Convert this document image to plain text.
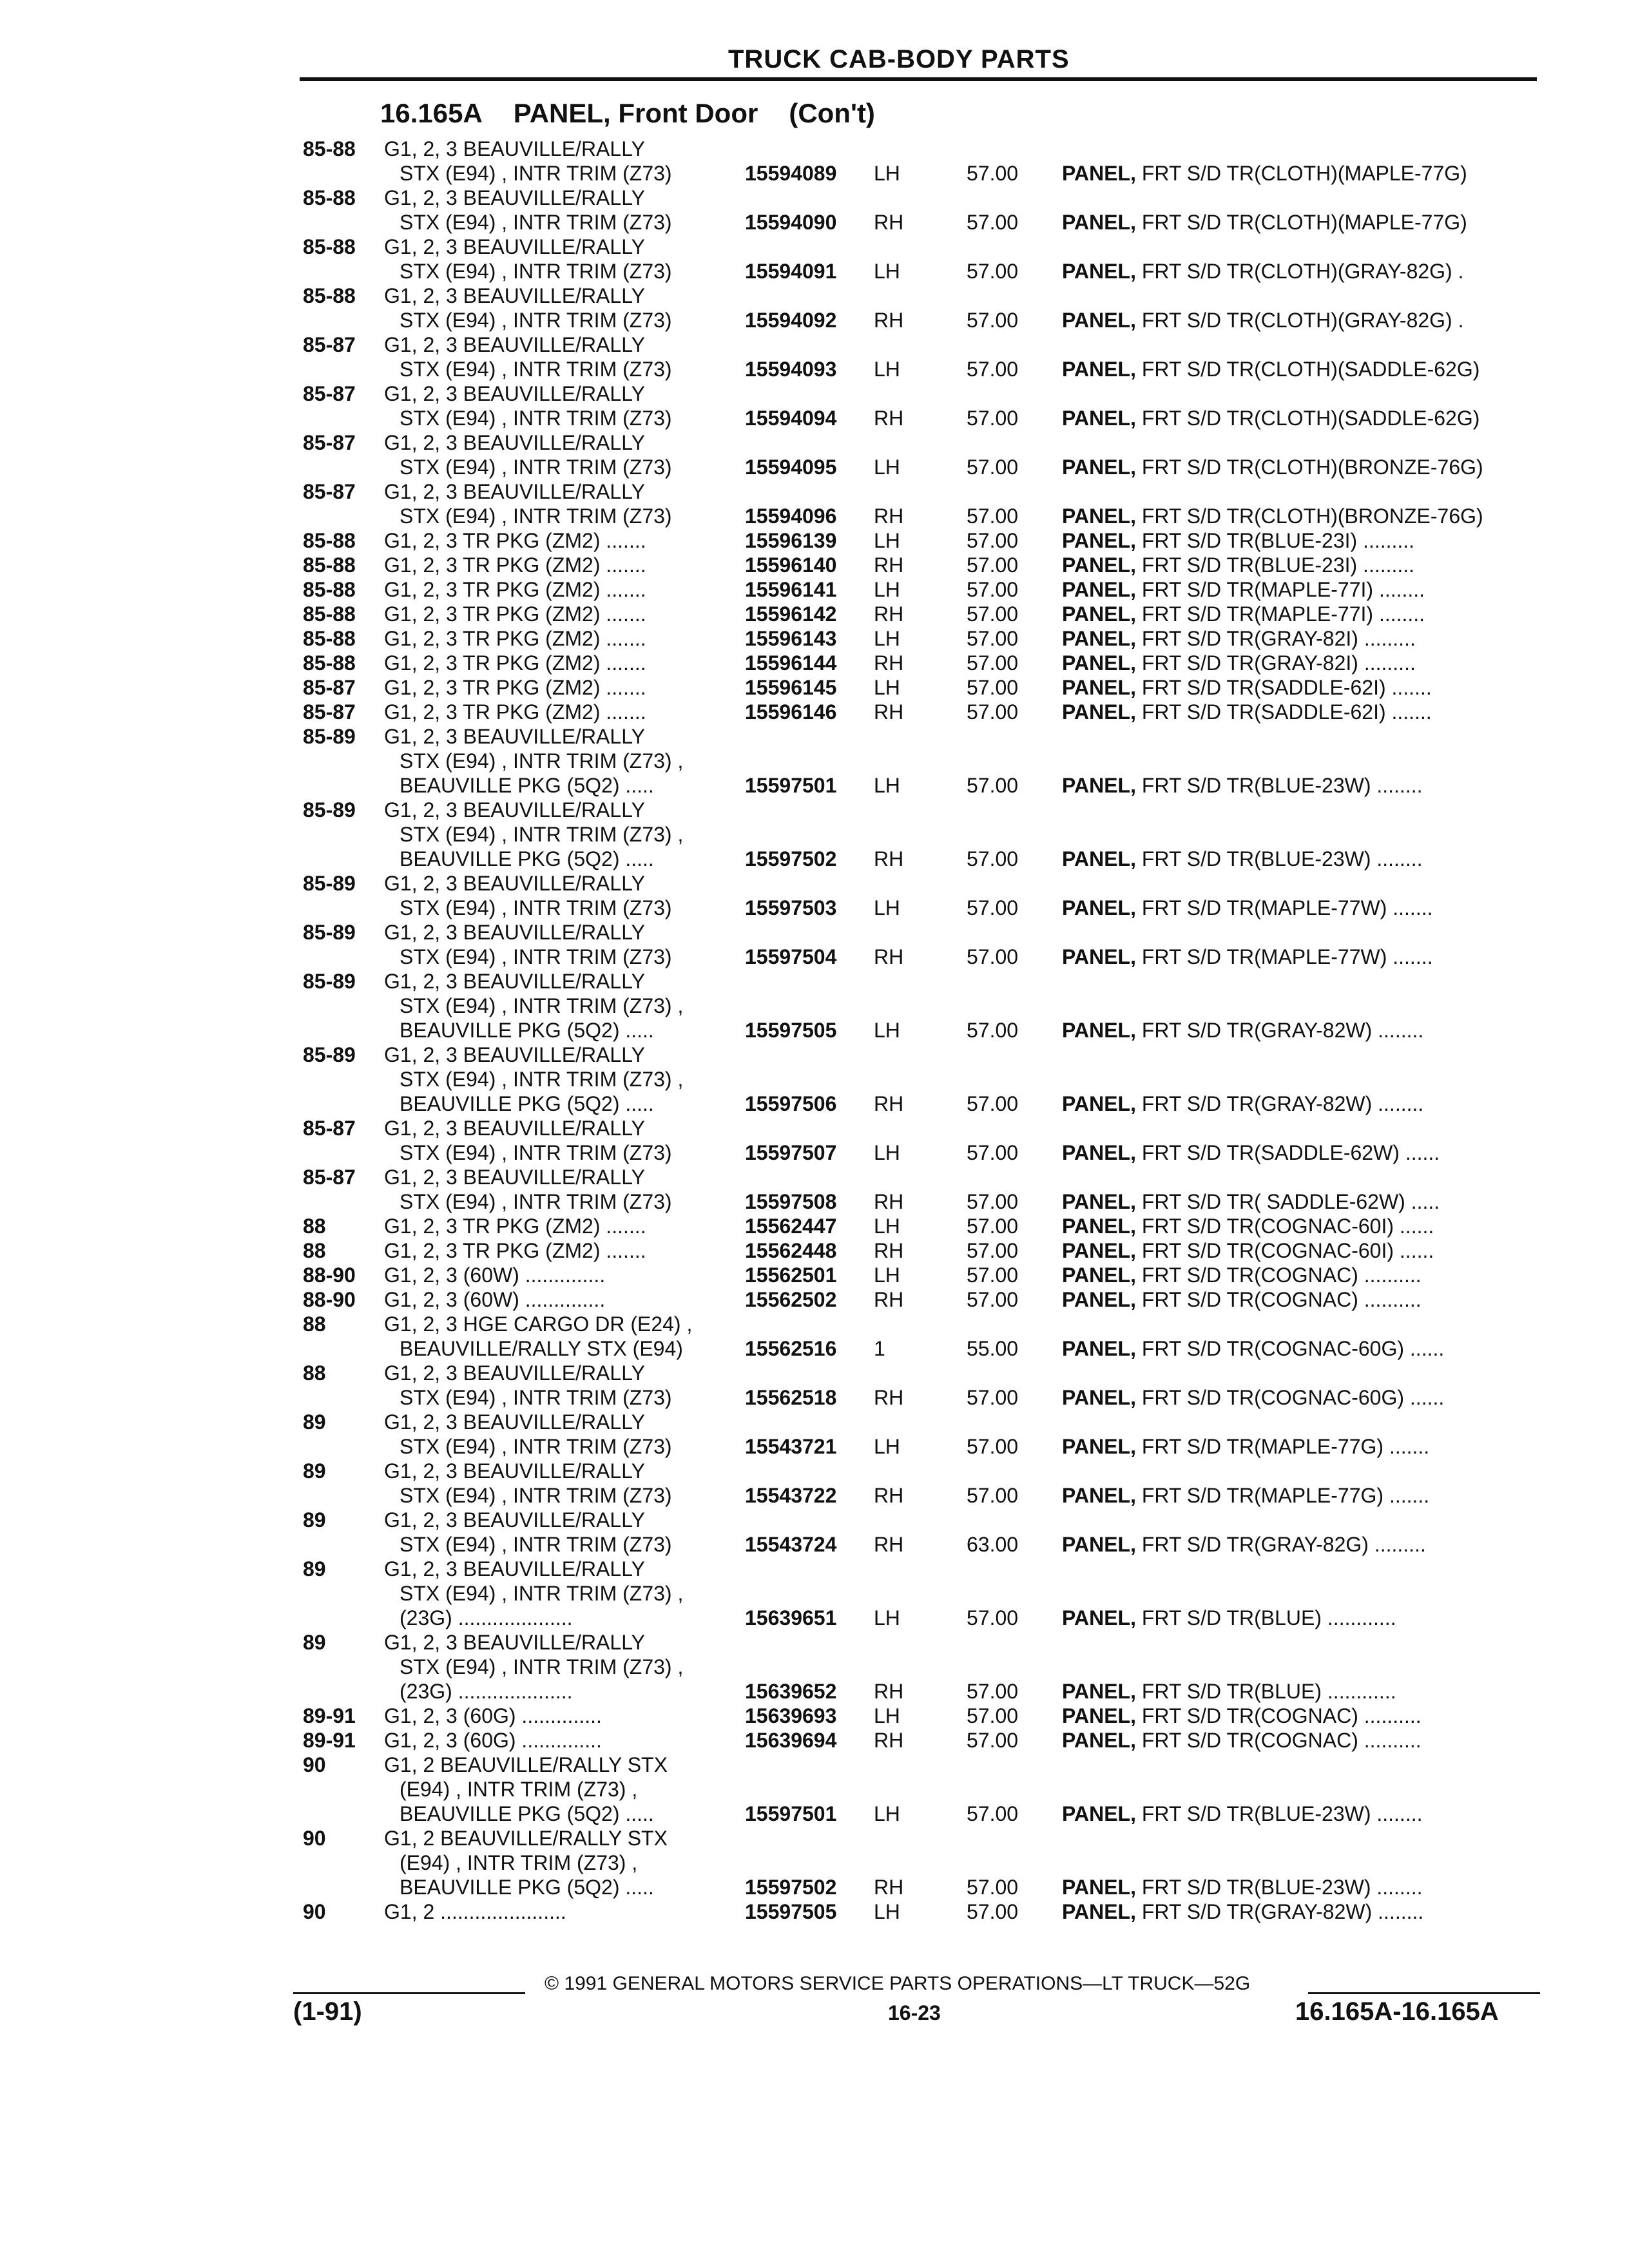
TRUCK CAB-BODY PARTS
16.165A PANEL, Front Door (Con't)
85-88 G1, 2, 3 BEAUVILLE/RALLY
STX (E94) , INTR TRIM (Z73)	15594089 LH	57.00 PANEL, FRT S/D TR(CLOTH)(MAPLE-77G)
85-88 G1, 2, 3 BEAUVILLE/RALLY
STX (E94) , INTR TRIM (Z73)	15594090 RH	57.00 PANEL, FRT S/D TR(CLOTH)(MAPLE-77G)
85-88 G1, 2, 3 BEAUVILLE/RALLY
STX (E94) , INTR TRIM (Z73)	15594091 LH	57.00 PANEL, FRT S/D TR(CLOTH)(GRAY-82G) .
85-88 G1, 2, 3 BEAUVILLE/RALLY
STX (E94) , INTR TRIM (Z73)	15594092 RH	57.00 PANEL, FRT S/D TR(CLOTH)(GRAY-82G) .
85-87 G1, 2, 3 BEAUVILLE/RALLY
STX (E94) , INTR TRIM (Z73)	15594093 LH	57.00 PANEL, FRT S/D TR(CLOTH)(SADDLE-62G)
85-87 G1, 2, 3 BEAUVILLE/RALLY
STX (E94) , INTR TRIM (Z73)	15594094 RH	57.00 PANEL, FRT S/D TR(CLOTH)(SADDLE-62G)
85-87 G1, 2, 3 BEAUVILLE/RALLY
STX (E94) , INTR TRIM (Z73)	15594095 LH	57.00 PANEL, FRT S/D TR(CLOTH)(BRONZE-76G)
85-87 G1, 2, 3 BEAUVILLE/RALLY
STX (E94) , INTR TRIM (Z73)	15594096 RH	57.00 PANEL, FRT S/D TR(CLOTH)(BRONZE-76G)
85-88 G1, 2, 3 TR PKG (ZM2) .......	15596139 LH	57.00 PANEL, FRT S/D TR(BLUE-23I) .........
85-88 G1, 2, 3 TR PKG (ZM2) .......	15596140 RH	57.00 PANEL, FRT S/D TR(BLUE-23I) .........
85-88 G1, 2, 3 TR PKG (ZM2) .......	15596141 LH	57.00 PANEL, FRT S/D TR(MAPLE-77I) ........
85-88 G1, 2, 3 TR PKG (ZM2) .......	15596142 RH	57.00 PANEL, FRT S/D TR(MAPLE-77I) ........
85-88 G1, 2, 3 TR PKG (ZM2) .......	15596143 LH	57.00 PANEL, FRT S/D TR(GRAY-82I) .........
85-88 G1, 2, 3 TR PKG (ZM2) .......	15596144 RH	57.00 PANEL, FRT S/D TR(GRAY-82I) .........
85-87 G1, 2, 3 TR PKG (ZM2) .......	15596145 LH	57.00 PANEL, FRT S/D TR(SADDLE-62I) .......
85-87 G1, 2, 3 TR PKG (ZM2) .......	15596146 RH	57.00 PANEL, FRT S/D TR(SADDLE-62I) .......
85-89 G1, 2, 3 BEAUVILLE/RALLY
STX (E94) , INTR TRIM (Z73) ,
BEAUVILLE PKG (5Q2) .....	15597501 LH	57.00 PANEL, FRT S/D TR(BLUE-23W) ........
85-89 G1, 2, 3 BEAUVILLE/RALLY
STX (E94) , INTR TRIM (Z73) ,
BEAUVILLE PKG (5Q2) .....	15597502 RH	57.00 PANEL, FRT S/D TR(BLUE-23W) ........
85-89 G1, 2, 3 BEAUVILLE/RALLY
STX (E94) , INTR TRIM (Z73)	15597503 LH	57.00 PANEL, FRT S/D TR(MAPLE-77W) .......
85-89 G1, 2, 3 BEAUVILLE/RALLY
STX (E94) , INTR TRIM (Z73)	15597504 RH	57.00 PANEL, FRT S/D TR(MAPLE-77W) .......
85-89 G1, 2, 3 BEAUVILLE/RALLY
STX (E94) , INTR TRIM (Z73) ,
BEAUVILLE PKG (5Q2) .....	15597505 LH	57.00 PANEL, FRT S/D TR(GRAY-82W) ........
85-89 G1, 2, 3 BEAUVILLE/RALLY
STX (E94) , INTR TRIM (Z73) ,
BEAUVILLE PKG (5Q2) .....	15597506 RH	57.00 PANEL, FRT S/D TR(GRAY-82W) ........
85-87 G1, 2, 3 BEAUVILLE/RALLY
STX (E94) , INTR TRIM (Z73)	15597507 LH	57.00 PANEL, FRT S/D TR(SADDLE-62W) ......
85-87 G1, 2, 3 BEAUVILLE/RALLY
STX (E94) , INTR TRIM (Z73)	15597508 RH	57.00 PANEL, FRT S/D TR( SADDLE-62W) .....
88	G1, 2, 3 TR PKG (ZM2) .......	15562447 LH	57.00 PANEL, FRT S/D TR(COGNAC-60I) ......
88	G1, 2, 3 TR PKG (ZM2) .......	15562448 RH	57.00 PANEL, FRT S/D TR(COGNAC-60I) ......
88-90 G1, 2, 3 (60W) ..............	15562501 LH	57.00 PANEL, FRT S/D TR(COGNAC) ..........
88-90 G1, 2, 3 (60W) ..............	15562502 RH	57.00 PANEL, FRT S/D TR(COGNAC) ..........
88	G1, 2, 3 HGE CARGO DR (E24) ,
BEAUVILLE/RALLY STX (E94)	15562516 1	55.00 PANEL, FRT S/D TR(COGNAC-60G) ......
88	G1, 2, 3 BEAUVILLE/RALLY
STX (E94) , INTR TRIM (Z73)	15562518 RH	57.00 PANEL, FRT S/D TR(COGNAC-60G) ......
89	G1, 2, 3 BEAUVILLE/RALLY
STX (E94) , INTR TRIM (Z73)	15543721 LH	57.00 PANEL, FRT S/D TR(MAPLE-77G) .......
89	G1, 2, 3 BEAUVILLE/RALLY
STX (E94) , INTR TRIM (Z73)	15543722 RH	57.00 PANEL, FRT S/D TR(MAPLE-77G) .......
89	G1, 2, 3 BEAUVILLE/RALLY
STX (E94) , INTR TRIM (Z73)	15543724 RH	63.00 PANEL, FRT S/D TR(GRAY-82G) .........
89	G1, 2, 3 BEAUVILLE/RALLY
STX (E94) , INTR TRIM (Z73) ,
(23G) ....................	15639651 LH	57.00 PANEL, FRT S/D TR(BLUE) ............
89	G1, 2, 3 BEAUVILLE/RALLY
STX (E94) , INTR TRIM (Z73) ,
(23G) ....................	15639652 RH	57.00 PANEL, FRT S/D TR(BLUE) ............
89-91 G1, 2, 3 (60G) ..............	15639693 LH	57.00 PANEL, FRT S/D TR(COGNAC) ..........
89-91 G1, 2, 3 (60G) ..............	15639694 RH	57.00 PANEL, FRT S/D TR(COGNAC) ..........
90	G1, 2 BEAUVILLE/RALLY STX
(E94) , INTR TRIM (Z73) ,
BEAUVILLE PKG (5Q2) .....	15597501 LH	57.00 PANEL, FRT S/D TR(BLUE-23W) ........
90	G1, 2 BEAUVILLE/RALLY STX
(E94) , INTR TRIM (Z73) ,
BEAUVILLE PKG (5Q2) .....	15597502 RH	57.00 PANEL, FRT S/D TR(BLUE-23W) ........
90	G1, 2 ......................	15597505 LH	57.00 PANEL, FRT S/D TR(GRAY-82W) ........
© 1991 GENERAL MOTORS SERVICE PARTS OPERATIONS—LT TRUCK—52G
(1-91)	16-23	16.165A-16.165A
